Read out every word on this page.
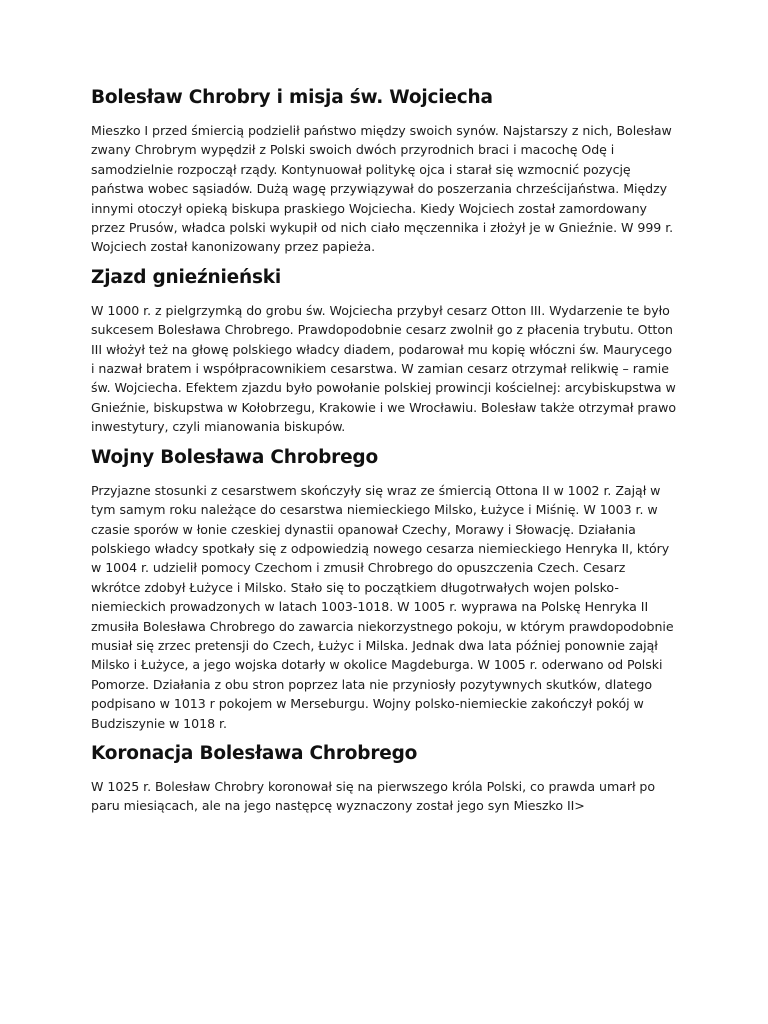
Bolesław Chrobry i misja św. Wojciecha

Mieszko I przed śmiercią podzielił państwo między swoich synów. Najstarszy z nich, Bolesław zwany Chrobrym wypędził z Polski swoich dwóch przyrodnich braci i macochę Odę i samodzielnie rozpoczął rządy. Kontynuował politykę ojca i starał się wzmocnić pozycję państwa wobec sąsiadów. Dużą wagę przywiązywał do poszerzania chrześcijaństwa. Między innymi otoczył opieką biskupa praskiego Wojciecha. Kiedy Wojciech został zamordowany przez Prusów, władca polski wykupił od nich ciało męczennika i złożył je w Gnieźnie. W 999 r. Wojciech został kanonizowany przez papieża.

Zjazd gnieźnieński

W 1000 r. z pielgrzymką do grobu św. Wojciecha przybył cesarz Otton III. Wydarzenie te było sukcesem Bolesława Chrobrego. Prawdopodobnie cesarz zwolnił go z płacenia trybutu. Otton III włożył też na głowę polskiego władcy diadem, podarował mu kopię włóczni św. Maurycego i nazwał bratem i współpracownikiem cesarstwa. W zamian cesarz otrzymał relikwię – ramie św. Wojciecha. Efektem zjazdu było powołanie polskiej prowincji kościelnej: arcybiskupstwa w Gnieźnie, biskupstwa w Kołobrzegu, Krakowie i we Wrocławiu. Bolesław także otrzymał prawo inwestytury, czyli mianowania biskupów.

Wojny Bolesława Chrobrego

Przyjazne stosunki z cesarstwem skończyły się wraz ze śmiercią Ottona II w 1002 r. Zajął w tym samym roku należące do cesarstwa niemieckiego Milsko, Łużyce i Miśnię. W 1003 r. w czasie sporów w łonie czeskiej dynastii opanował Czechy, Morawy i Słowację. Działania polskiego władcy spotkały się z odpowiedzią nowego cesarza niemieckiego Henryka II, który w 1004 r. udzielił pomocy Czechom i zmusił Chrobrego do opuszczenia Czech. Cesarz wkrótce zdobył Łużyce i Milsko. Stało się to początkiem długotrwałych wojen polsko-niemieckich prowadzonych w latach 1003-1018. W 1005 r. wyprawa na Polskę Henryka II zmusiła Bolesława Chrobrego do zawarcia niekorzystnego pokoju, w którym prawdopodobnie musiał się zrzec pretensji do Czech, Łużyc i Milska. Jednak dwa lata później ponownie zajął Milsko i Łużyce, a jego wojska dotarły w okolice Magdeburga. W 1005 r. oderwano od Polski Pomorze. Działania z obu stron poprzez lata nie przyniosły pozytywnych skutków, dlatego podpisano w 1013 r pokojem w Merseburgu. Wojny polsko-niemieckie zakończył pokój w Budziszynie w 1018 r.

Koronacja Bolesława Chrobrego

W 1025 r. Bolesław Chrobry koronował się na pierwszego króla Polski, co prawda umarł po paru miesiącach, ale na jego następcę wyznaczony został jego syn Mieszko II>
